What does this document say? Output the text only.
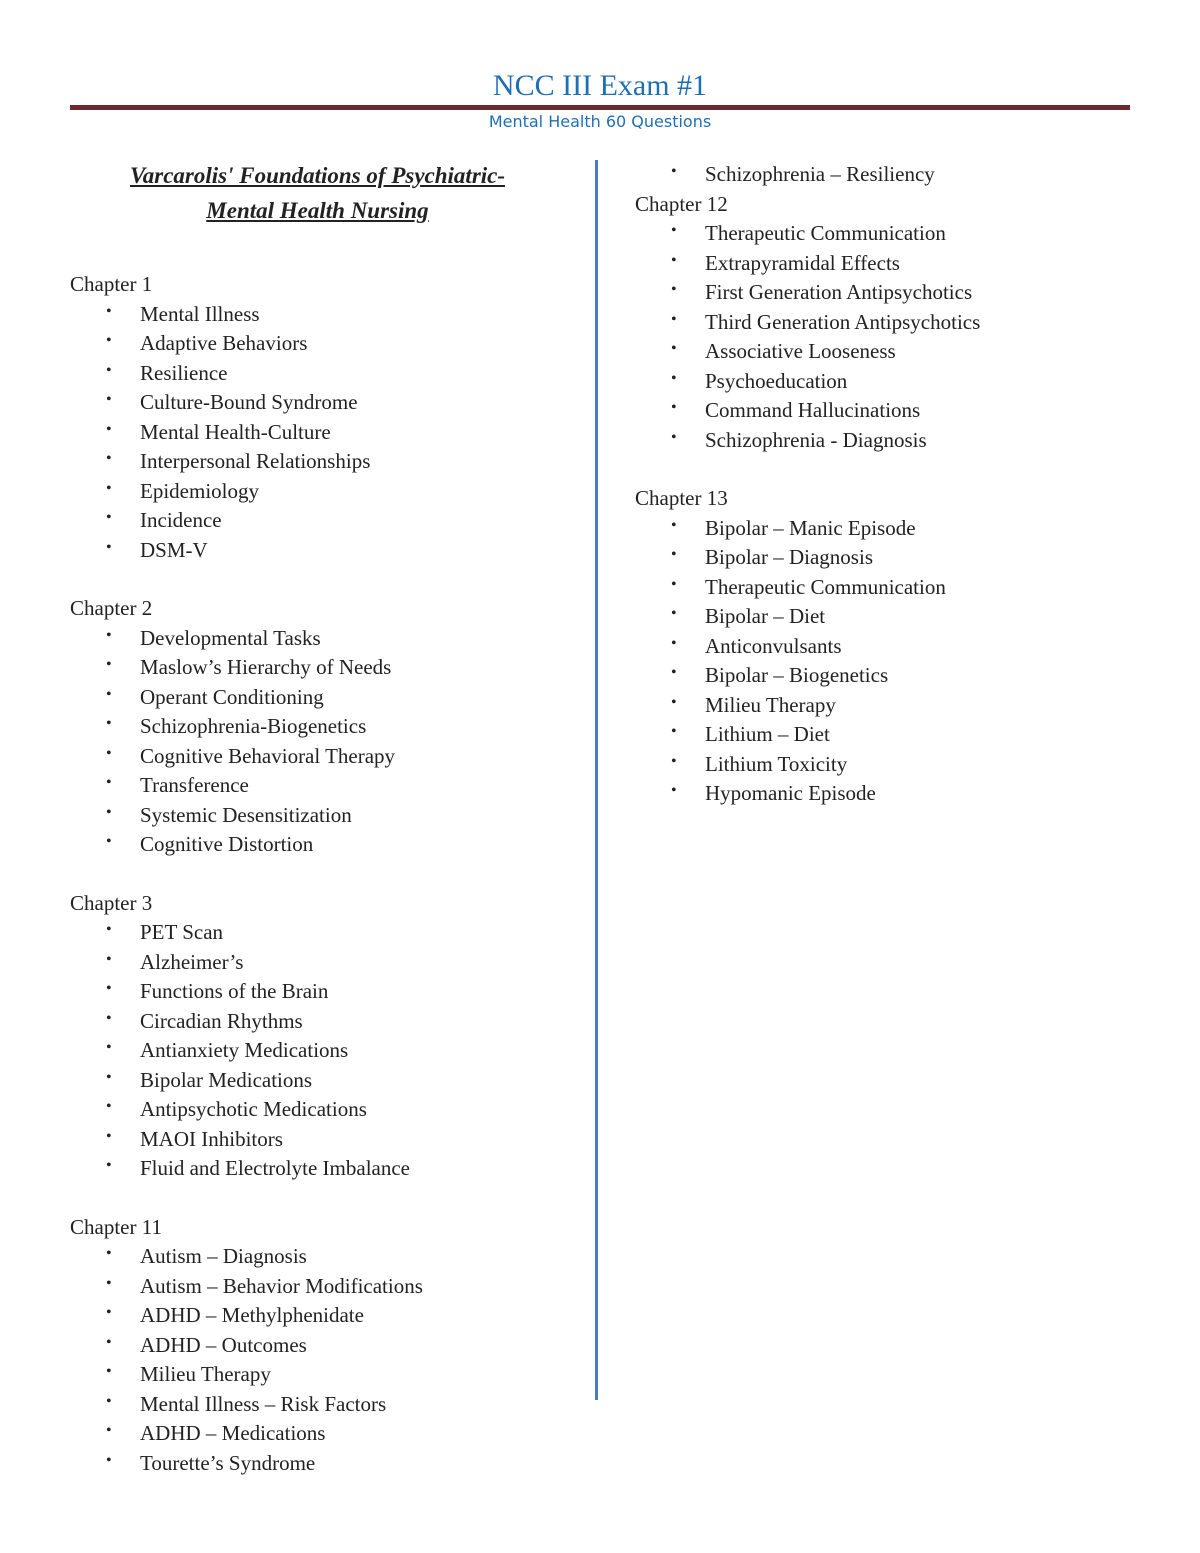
NCC III Exam #1
Mental Health 60 Questions
Varcarolis' Foundations of Psychiatric-
Mental Health Nursing
Chapter 1
• Mental Illness
• Adaptive Behaviors
• Resilience
• Culture-Bound Syndrome
• Mental Health-Culture
• Interpersonal Relationships
• Epidemiology
• Incidence
• DSM-V
Chapter 2
• Developmental Tasks
• Maslow’s Hierarchy of Needs
• Operant Conditioning
• Schizophrenia-Biogenetics
• Cognitive Behavioral Therapy
• Transference
• Systemic Desensitization
• Cognitive Distortion
Chapter 3
• PET Scan
• Alzheimer’s
• Functions of the Brain
• Circadian Rhythms
• Antianxiety Medications
• Bipolar Medications
• Antipsychotic Medications
• MAOI Inhibitors
• Fluid and Electrolyte Imbalance
Chapter 11
• Autism – Diagnosis
• Autism – Behavior Modifications
• ADHD – Methylphenidate
• ADHD – Outcomes
• Milieu Therapy
• Mental Illness – Risk Factors
• ADHD – Medications
• Tourette’s Syndrome
• Schizophrenia – Resiliency
Chapter 12
• Therapeutic Communication
• Extrapyramidal Effects
• First Generation Antipsychotics
• Third Generation Antipsychotics
• Associative Looseness
• Psychoeducation
• Command Hallucinations
• Schizophrenia - Diagnosis
Chapter 13
• Bipolar – Manic Episode
• Bipolar – Diagnosis
• Therapeutic Communication
• Bipolar – Diet
• Anticonvulsants
• Bipolar – Biogenetics
• Milieu Therapy
• Lithium – Diet
• Lithium Toxicity
• Hypomanic Episode
